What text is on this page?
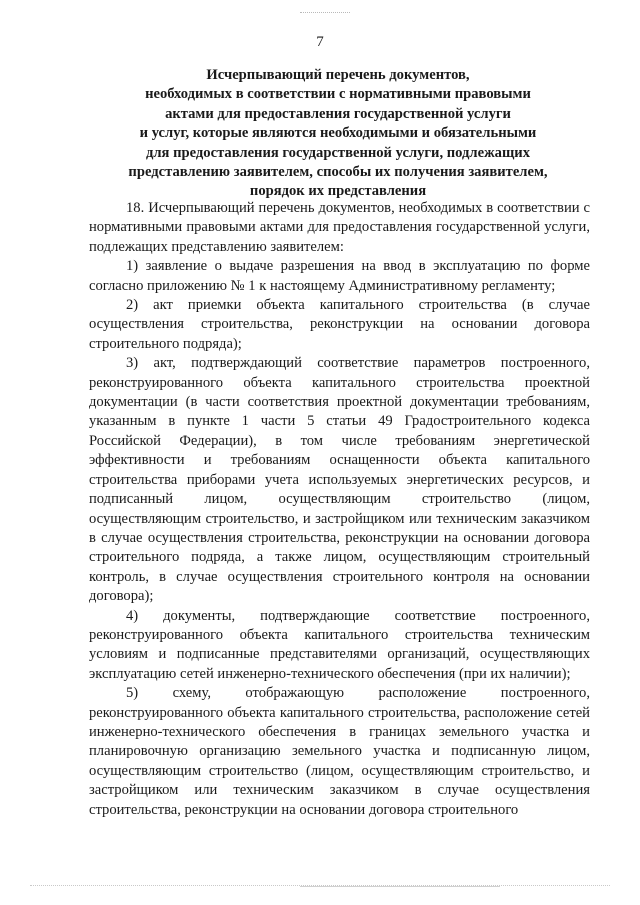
7
Исчерпывающий перечень документов,
необходимых в соответствии с нормативными правовыми
актами для предоставления государственной услуги
и услуг, которые являются необходимыми и обязательными
для предоставления государственной услуги, подлежащих
представлению заявителем, способы их получения заявителем,
порядок их представления

18. Исчерпывающий перечень документов, необходимых в соответствии с нормативными правовыми актами для предоставления государственной услуги, подлежащих представлению заявителем:

1) заявление о выдаче разрешения на ввод в эксплуатацию по форме согласно приложению № 1 к настоящему Административному регламенту;

2) акт приемки объекта капитального строительства (в случае осуществления строительства, реконструкции на основании договора строительного подряда);

3) акт, подтверждающий соответствие параметров построенного, реконструированного объекта капитального строительства проектной документации (в части соответствия проектной документации требованиям, указанным в пункте 1 части 5 статьи 49 Градостроительного кодекса Российской Федерации), в том числе требованиям энергетической эффективности и требованиям оснащенности объекта капитального строительства приборами учета используемых энергетических ресурсов, и подписанный лицом, осуществляющим строительство (лицом, осуществляющим строительство, и застройщиком или техническим заказчиком в случае осуществления строительства, реконструкции на основании договора строительного подряда, а также лицом, осуществляющим строительный контроль, в случае осуществления строительного контроля на основании договора);

4) документы, подтверждающие соответствие построенного, реконструированного объекта капитального строительства техническим условиям и подписанные представителями организаций, осуществляющих эксплуатацию сетей инженерно-технического обеспечения (при их наличии);

5) схему, отображающую расположение построенного, реконструированного объекта капитального строительства, расположение сетей инженерно-технического обеспечения в границах земельного участка и планировочную организацию земельного участка и подписанную лицом, осуществляющим строительство (лицом, осуществляющим строительство, и застройщиком или техническим заказчиком в случае осуществления строительства, реконструкции на основании договора строительного
